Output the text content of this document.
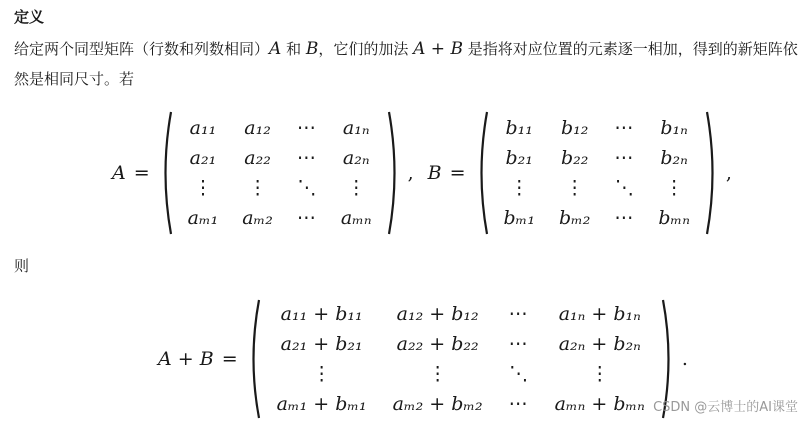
定义

给定两个同型矩阵（行数和列数相同）A 和 B，它们的加法 A + B 是指将对应位置的元素逐一相加，得到的新矩阵依然是相同尺寸。若

A =
a₁₁	a₁₂	⋯	a₁ₙ
a₂₁	a₂₂	⋯	a₂ₙ
⋮	⋮	⋱	⋮
aₘ₁	aₘ₂	⋯	aₘₙ
, B =
b₁₁	b₁₂	⋯	b₁ₙ
b₂₁	b₂₂	⋯	b₂ₙ
⋮	⋮	⋱	⋮
bₘ₁	bₘ₂	⋯	bₘₙ
,
则
A + B =
a₁₁ + b₁₁	a₁₂ + b₁₂	⋯	a₁ₙ + b₁ₙ
a₂₁ + b₂₁	a₂₂ + b₂₂	⋯	a₂ₙ + b₂ₙ
⋮	⋮	⋱	⋮
aₘ₁ + bₘ₁	aₘ₂ + bₘ₂	⋯	aₘₙ + bₘₙ
.
CSDN @云博士的AI课堂
